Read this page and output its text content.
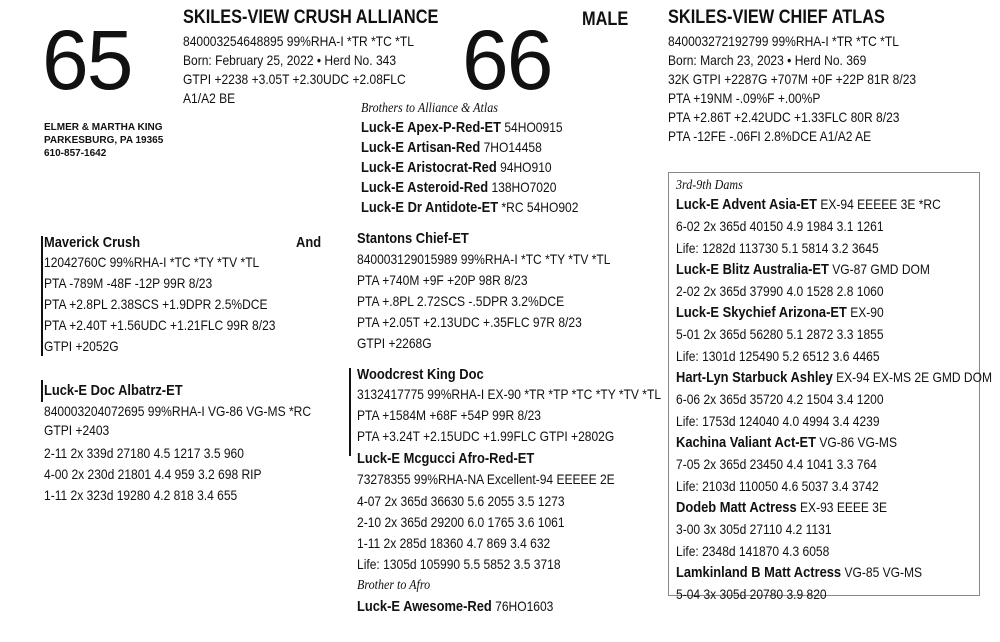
65	SKILES-VIEW CRUSH ALLIANCE
840003254648895 99%RHA-I *TR *TC *TL
Born: February 25, 2022 • Herd No. 343
GTPI +2238 +3.05T +2.30UDC +2.08FLC
A1/A2 BE
ELMER & MARTHA KING
PARKESBURG, PA 19365
610-857-1642
66 MALE SKILES-VIEW CHIEF ATLAS
840003272192799 99%RHA-I *TR *TC *TL
Born: March 23, 2023 • Herd No. 369
32K GTPI +2287G +707M +0F +22P 81R 8/23
PTA +19NM -.09%F +.00%P
PTA +2.86T +2.42UDC +1.33FLC 80R 8/23
PTA -12FE -.06FI 2.8%DCE A1/A2 AE
Brothers to Alliance & Atlas
Luck-E Apex-P-Red-ET 54HO0915
Luck-E Artisan-Red 7HO14458
Luck-E Aristocrat-Red 94HO910
Luck-E Asteroid-Red 138HO7020
Luck-E Dr Antidote-ET *RC 54HO902
Maverick Crush	And
12042760C 99%RHA-I *TC *TY *TV *TL
PTA -789M -48F -12P 99R 8/23
PTA +2.8PL 2.38SCS +1.9DPR 2.5%DCE
PTA +2.40T +1.56UDC +1.21FLC 99R 8/23
GTPI +2052G
Luck-E Doc Albatrz-ET
840003204072695 99%RHA-I VG-86 VG-MS *RC
GTPI +2403
2-11 2x 339d 27180 4.5 1217 3.5 960
4-00 2x 230d 21801 4.4 959 3.2 698 RIP
1-11 2x 323d 19280 4.2 818 3.4 655
Stantons Chief-ET
840003129015989 99%RHA-I *TC *TY *TV *TL
PTA +740M +9F +20P 98R 8/23
PTA +.8PL 2.72SCS -.5DPR 3.2%DCE
PTA +2.05T +2.13UDC +.35FLC 97R 8/23
GTPI +2268G
Woodcrest King Doc
3132417775 99%RHA-I EX-90 *TR *TP *TC *TY *TV *TL
PTA +1584M +68F +54P 99R 8/23
PTA +3.24T +2.15UDC +1.99FLC GTPI +2802G
Luck-E Mcgucci Afro-Red-ET
73278355 99%RHA-NA Excellent-94 EEEEE 2E
4-07 2x 365d 36630 5.6 2055 3.5 1273
2-10 2x 365d 29200 6.0 1765 3.6 1061
1-11 2x 285d 18360 4.7 869 3.4 632
Life: 1305d 105990 5.5 5852 3.5 3718
Brother to Afro
Luck-E Awesome-Red 76HO1603
3rd-9th Dams
Luck-E Advent Asia-ET EX-94 EEEEE 3E *RC
6-02 2x 365d 40150 4.9 1984 3.1 1261
Life: 1282d 113730 5.1 5814 3.2 3645
Luck-E Blitz Australia-ET VG-87 GMD DOM
2-02 2x 365d 37990 4.0 1528 2.8 1060
Luck-E Skychief Arizona-ET EX-90
5-01 2x 365d 56280 5.1 2872 3.3 1855
Life: 1301d 125490 5.2 6512 3.6 4465
Hart-Lyn Starbuck Ashley EX-94 EX-MS 2E GMD DOM
6-06 2x 365d 35720 4.2 1504 3.4 1200
Life: 1753d 124040 4.0 4994 3.4 4239
Kachina Valiant Act-ET VG-86 VG-MS
7-05 2x 365d 23450 4.4 1041 3.3 764
Life: 2103d 110050 4.6 5037 3.4 3742
Dodeb Matt Actress EX-93 EEEE 3E
3-00 3x 305d 27110 4.2 1131
Life: 2348d 141870 4.3 6058
Lamkinland B Matt Actress VG-85 VG-MS
5-04 3x 305d 20780 3.9 820
